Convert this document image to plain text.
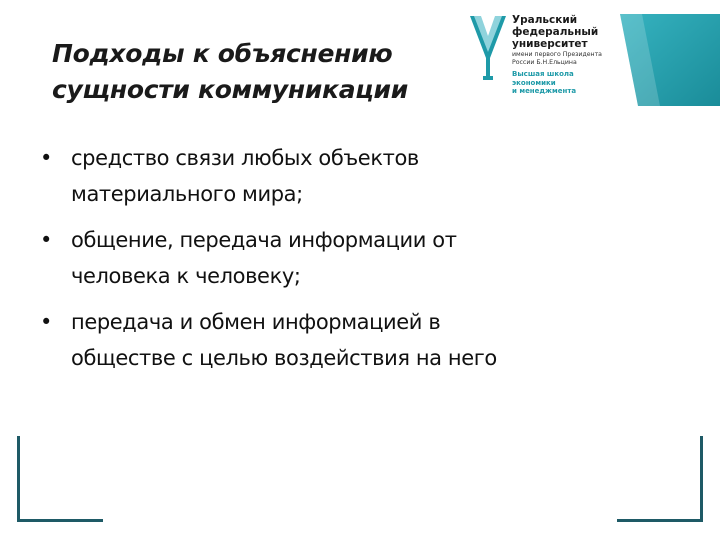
Подходы к объяснению
сущности коммуникации
Уральский
федеральный
университет
имени первого Президента
России Б.Н.Ельцина
Высшая школа
экономики
и менеджмента
• средство связи любых объектов
материального мира;
• общение, передача информации от
человека к человеку;
• передача и обмен информацией в
обществе с целью воздействия на него
